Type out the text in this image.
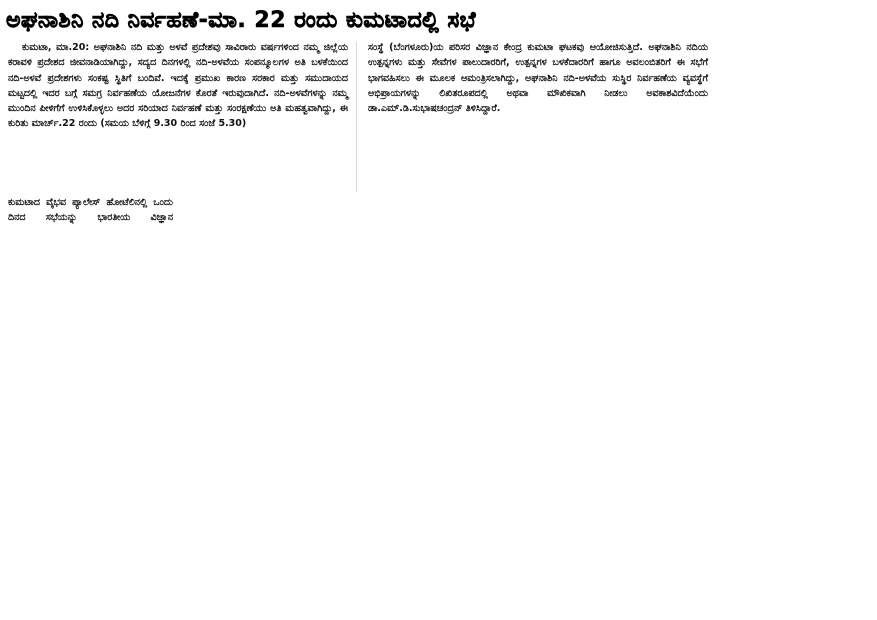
ಅಘನಾಶಿನಿ ನದಿ ನಿರ್ವಹಣೆ-ಮಾ. 22 ರಂದು ಕುಮಟಾದಲ್ಲಿ ಸಭೆ

ಕುಮಟಾ, ಮಾ.20: ಅಘನಾಶಿನಿ ನದಿ ಮತ್ತು ಅಳವೆ ಪ್ರದೇಶವು ಸಾವಿರಾರು ವರ್ಷಗಳಿಂದ ನಮ್ಮ ಜಿಲ್ಲೆಯ ಕರಾವಳಿ ಪ್ರದೇಶದ ಜೀವನಾಡಿಯಾಗಿದ್ದು, ಸದ್ಯದ ದಿನಗಳಲ್ಲಿ ನದಿ-ಅಳವೆಯ ಸಂಪನ್ಮೂಲಗಳ ಅತಿ ಬಳಕೆಯಿಂದ ನದಿ-ಅಳವೆ ಪ್ರದೇಶಗಳು ಸಂಕಷ್ಟ ಸ್ಥಿತಿಗೆ ಬಂದಿವೆ. ಇದಕ್ಕೆ ಪ್ರಮುಖ ಕಾರಣ ಸರಕಾರ ಮತ್ತು ಸಮುದಾಯದ ಮಟ್ಟದಲ್ಲಿ ಇದರ ಬಗ್ಗೆ ಸಮಗ್ರ ನಿರ್ವಹಣೆಯ ಯೋಜನೆಗಳ ಕೊರತೆ ಇರುವುದಾಗಿದೆ. ನದಿ-ಅಳವೆಗಳನ್ನು ನಮ್ಮ ಮುಂದಿನ ಪೀಳಿಗೆಗೆ ಉಳಿಸಿಕೊಳ್ಳಲು ಅದರ ಸರಿಯಾದ ನಿರ್ವಹಣೆ ಮತ್ತು ಸಂರಕ್ಷಣೆಯು ಅತಿ ಮಹತ್ವವಾಗಿದ್ದು, ಈ ಕುರಿತು ಮಾರ್ಚ್.22 ರಂದು (ಸಮಯ ಬೆಳಿಗ್ಗೆ 9.30 ರಿಂದ ಸಂಜೆ 5.30)

ಕುಮಟಾದ ವೈಭವ ಪ್ಯಾಲೇಸ್ ಹೋಟೆಲಿನಲ್ಲಿ ಒಂದು ದಿನದ ಸಭೆಯನ್ನು ಭಾರತೀಯ ವಿಜ್ಞಾನ

ಸಂಸ್ಥೆ (ಬೆಂಗಳೂರು)ಯ ಪರಿಸರ ವಿಜ್ಞಾನ ಕೇಂದ್ರ ಕುಮಟಾ ಘಟಕವು ಆಯೋಜಿಸುತ್ತಿದೆ. ಅಘನಾಶಿನಿ ನದಿಯ ಉತ್ಪನ್ನಗಳು ಮತ್ತು ಸೇವೆಗಳ ಪಾಲುದಾರರಿಗೆ, ಉತ್ಪನ್ನಗಳ ಬಳಕೆದಾರರಿಗೆ ಹಾಗೂ ಅವಲಂಬಿತರಿಗೆ ಈ ಸಭೆಗೆ ಭಾಗವಹಿಸಲು ಈ ಮೂಲಕ ಆಮಂತ್ರಿಸಲಾಗಿದ್ದು, ಅಘನಾಶಿನಿ ನದಿ-ಅಳವೆಯ ಸುಸ್ಥಿರ ನಿರ್ವಹಣೆಯ ವ್ಯವಸ್ಥೆಗೆ ಅಭಿಪ್ರಾಯಗಳನ್ನು ಲಿಖಿತರೂಪದಲ್ಲಿ ಅಥವಾ ಮೌಖಿಕವಾಗಿ ನೀಡಲು ಅವಕಾಶವಿದೆಯೆಂದು ಡಾ.ಎಮ್.ಡಿ.ಸುಭಾಷಚಂದ್ರನ್ ತಿಳಿಸಿದ್ದಾರೆ.
